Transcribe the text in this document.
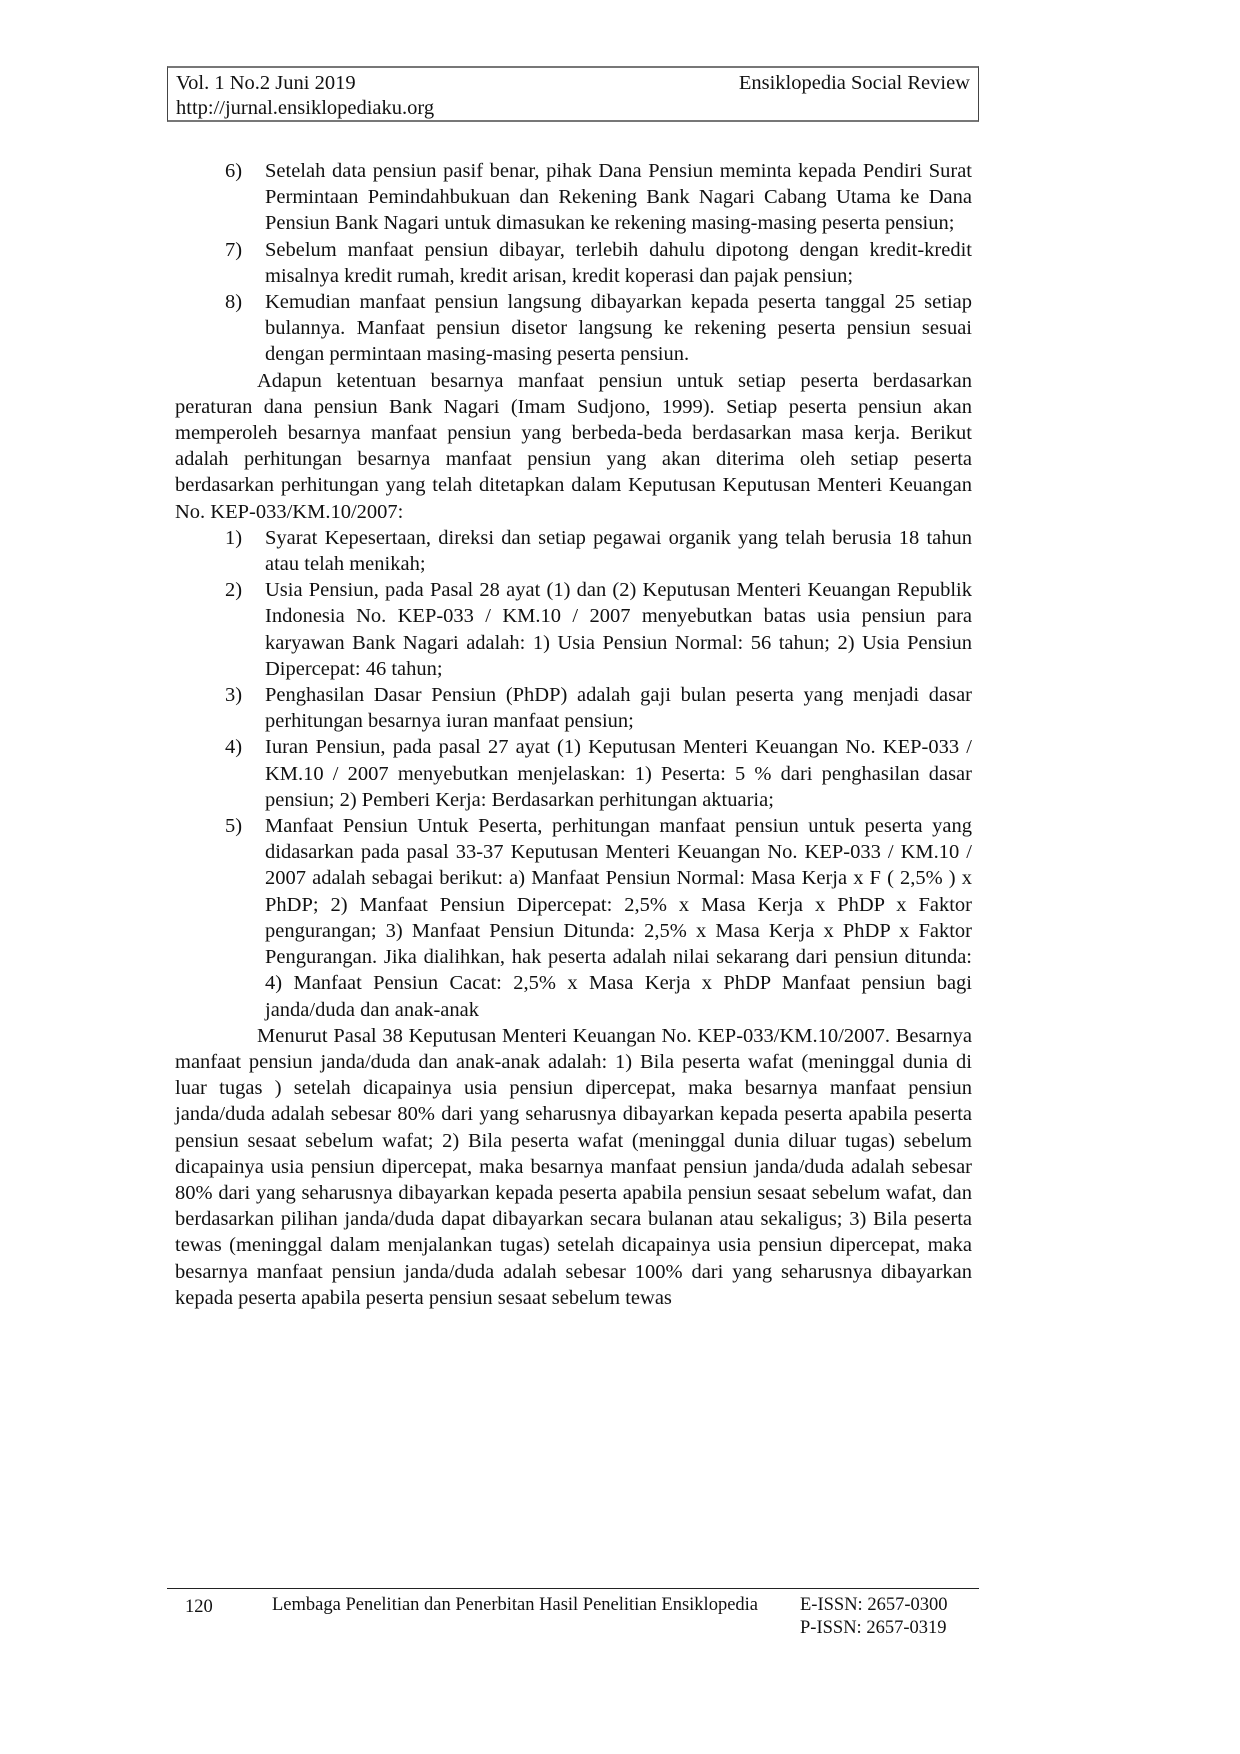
Vol. 1 No.2 Juni 2019
http://jurnal.ensiklopediaku.org
Ensiklopedia Social Review
6) Setelah data pensiun pasif benar, pihak Dana Pensiun meminta kepada Pendiri Surat Permintaan Pemindahbukuan dan Rekening Bank Nagari Cabang Utama ke Dana Pensiun Bank Nagari untuk dimasukan ke rekening masing-masing peserta pensiun;
7) Sebelum manfaat pensiun dibayar, terlebih dahulu dipotong dengan kredit-kredit misalnya kredit rumah, kredit arisan, kredit koperasi dan pajak pensiun;
8) Kemudian manfaat pensiun langsung dibayarkan kepada peserta tanggal 25 setiap bulannya. Manfaat pensiun disetor langsung ke rekening peserta pensiun sesuai dengan permintaan masing-masing peserta pensiun.

Adapun ketentuan besarnya manfaat pensiun untuk setiap peserta berdasarkan peraturan dana pensiun Bank Nagari (Imam Sudjono, 1999). Setiap peserta pensiun akan memperoleh besarnya manfaat pensiun yang berbeda-beda berdasarkan masa kerja. Berikut adalah perhitungan besarnya manfaat pensiun yang akan diterima oleh setiap peserta berdasarkan perhitungan yang telah ditetapkan dalam Keputusan Keputusan Menteri Keuangan No. KEP-033/KM.10/2007:

1) Syarat Kepesertaan, direksi dan setiap pegawai organik yang telah berusia 18 tahun atau telah menikah;
2) Usia Pensiun, pada Pasal 28 ayat (1) dan (2) Keputusan Menteri Keuangan Republik Indonesia No. KEP-033 / KM.10 / 2007 menyebutkan batas usia pensiun para karyawan Bank Nagari adalah: 1) Usia Pensiun Normal: 56 tahun; 2) Usia Pensiun Dipercepat: 46 tahun;
3) Penghasilan Dasar Pensiun (PhDP) adalah gaji bulan peserta yang menjadi dasar perhitungan besarnya iuran manfaat pensiun;
4) Iuran Pensiun, pada pasal 27 ayat (1) Keputusan Menteri Keuangan No. KEP-033 / KM.10 / 2007 menyebutkan menjelaskan: 1) Peserta: 5 % dari penghasilan dasar pensiun; 2) Pemberi Kerja: Berdasarkan perhitungan aktuaria;
5) Manfaat Pensiun Untuk Peserta, perhitungan manfaat pensiun untuk peserta yang didasarkan pada pasal 33-37 Keputusan Menteri Keuangan No. KEP-033 / KM.10 / 2007 adalah sebagai berikut: a) Manfaat Pensiun Normal: Masa Kerja x F ( 2,5% ) x PhDP; 2) Manfaat Pensiun Dipercepat: 2,5% x Masa Kerja x PhDP x Faktor pengurangan; 3) Manfaat Pensiun Ditunda: 2,5% x Masa Kerja x PhDP x Faktor Pengurangan. Jika dialihkan, hak peserta adalah nilai sekarang dari pensiun ditunda: 4) Manfaat Pensiun Cacat: 2,5% x Masa Kerja x PhDP Manfaat pensiun bagi janda/duda dan anak-anak

Menurut Pasal 38 Keputusan Menteri Keuangan No. KEP-033/KM.10/2007. Besarnya manfaat pensiun janda/duda dan anak-anak adalah: 1) Bila peserta wafat (meninggal dunia di luar tugas ) setelah dicapainya usia pensiun dipercepat, maka besarnya manfaat pensiun janda/duda adalah sebesar 80% dari yang seharusnya dibayarkan kepada peserta apabila peserta pensiun sesaat sebelum wafat; 2) Bila peserta wafat (meninggal dunia diluar tugas) sebelum dicapainya usia pensiun dipercepat, maka besarnya manfaat pensiun janda/duda adalah sebesar 80% dari yang seharusnya dibayarkan kepada peserta apabila pensiun sesaat sebelum wafat, dan berdasarkan pilihan janda/duda dapat dibayarkan secara bulanan atau sekaligus; 3) Bila peserta tewas (meninggal dalam menjalankan tugas) setelah dicapainya usia pensiun dipercepat, maka besarnya manfaat pensiun janda/duda adalah sebesar 100% dari yang seharusnya dibayarkan kepada peserta apabila peserta pensiun sesaat sebelum tewas

120	Lembaga Penelitian dan Penerbitan Hasil Penelitian Ensiklopedia E-ISSN: 2657-0300
P-ISSN: 2657-0319
